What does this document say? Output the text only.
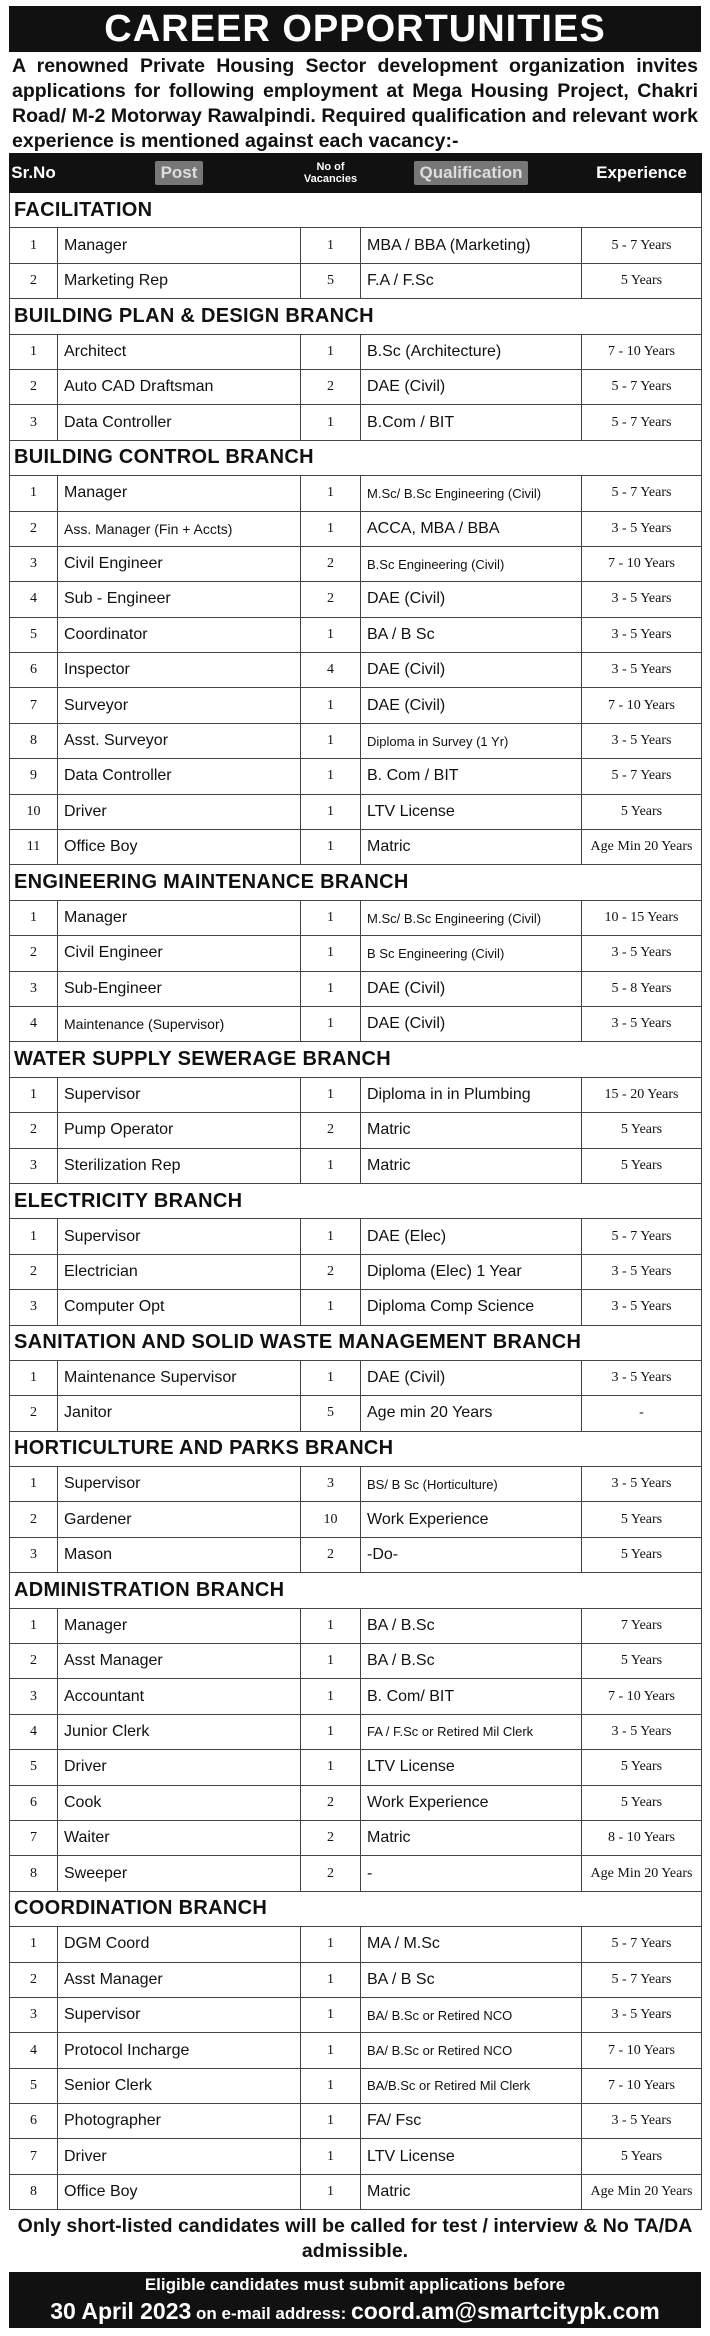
CAREER OPPORTUNITIES
A renowned Private Housing Sector development organization invites applications for following employment at Mega Housing Project, Chakri Road/ M-2 Motorway Rawalpindi. Required qualification and relevant work experience is mentioned against each vacancy:-
Sr.No	Post	No of Vacancies	Qualification	Experience
FACILITATION				
1	Manager	1	MBA / BBA (Marketing)	5 - 7 Years
2	Marketing Rep	5	F.A / F.Sc	5 Years
BUILDING PLAN & DESIGN BRANCH				
1	Architect	1	B.Sc (Architecture)	7 - 10 Years
2	Auto CAD Draftsman	2	DAE (Civil)	5 - 7 Years
3	Data Controller	1	B.Com / BIT	5 - 7 Years
BUILDING CONTROL BRANCH				
1	Manager	1	M.Sc/ B.Sc Engineering (Civil)	5 - 7 Years
2	Ass. Manager (Fin + Accts)	1	ACCA, MBA / BBA	3 - 5 Years
3	Civil Engineer	2	B.Sc Engineering (Civil)	7 - 10 Years
4	Sub - Engineer	2	DAE (Civil)	3 - 5 Years
5	Coordinator	1	BA / B Sc	3 - 5 Years
6	Inspector	4	DAE (Civil)	3 - 5 Years
7	Surveyor	1	DAE (Civil)	7 - 10 Years
8	Asst. Surveyor	1	Diploma in Survey (1 Yr)	3 - 5 Years
9	Data Controller	1	B. Com / BIT	5 - 7 Years
10	Driver	1	LTV License	5 Years
11	Office Boy	1	Matric	Age Min 20 Years
ENGINEERING MAINTENANCE BRANCH				
1	Manager	1	M.Sc/ B.Sc Engineering (Civil)	10 - 15 Years
2	Civil Engineer	1	B Sc Engineering (Civil)	3 - 5 Years
3	Sub-Engineer	1	DAE (Civil)	5 - 8 Years
4	Maintenance (Supervisor)	1	DAE (Civil)	3 - 5 Years
WATER SUPPLY SEWERAGE BRANCH				
1	Supervisor	1	Diploma in in Plumbing	15 - 20 Years
2	Pump Operator	2	Matric	5 Years
3	Sterilization Rep	1	Matric	5 Years
ELECTRICITY BRANCH				
1	Supervisor	1	DAE (Elec)	5 - 7 Years
2	Electrician	2	Diploma (Elec) 1 Year	3 - 5 Years
3	Computer Opt	1	Diploma Comp Science	3 - 5 Years
SANITATION AND SOLID WASTE MANAGEMENT BRANCH				
1	Maintenance Supervisor	1	DAE (Civil)	3 - 5 Years
2	Janitor	5	Age min 20 Years	-
HORTICULTURE AND PARKS BRANCH				
1	Supervisor	3	BS/ B Sc (Horticulture)	3 - 5 Years
2	Gardener	10	Work Experience	5 Years
3	Mason	2	-Do-	5 Years
ADMINISTRATION BRANCH				
1	Manager	1	BA / B.Sc	7 Years
2	Asst Manager	1	BA / B.Sc	5 Years
3	Accountant	1	B. Com/ BIT	7 - 10 Years
4	Junior Clerk	1	FA / F.Sc or Retired Mil Clerk	3 - 5 Years
5	Driver	1	LTV License	5 Years
6	Cook	2	Work Experience	5 Years
7	Waiter	2	Matric	8 - 10 Years
8	Sweeper	2	-	Age Min 20 Years
COORDINATION BRANCH				
1	DGM Coord	1	MA / M.Sc	5 - 7 Years
2	Asst Manager	1	BA / B Sc	5 - 7 Years
3	Supervisor	1	BA/ B.Sc or Retired NCO	3 - 5 Years
4	Protocol Incharge	1	BA/ B.Sc or Retired NCO	7 - 10 Years
5	Senior Clerk	1	BA/B.Sc or Retired Mil Clerk	7 - 10 Years
6	Photographer	1	FA/ Fsc	3 - 5 Years
7	Driver	1	LTV License	5 Years
8	Office Boy	1	Matric	Age Min 20 Years
Only short-listed candidates will be called for test / interview & No TA/DA admissible.
Eligible candidates must submit applications before
30 April 2023 on e-mail address: coord.am@smartcitypk.com
